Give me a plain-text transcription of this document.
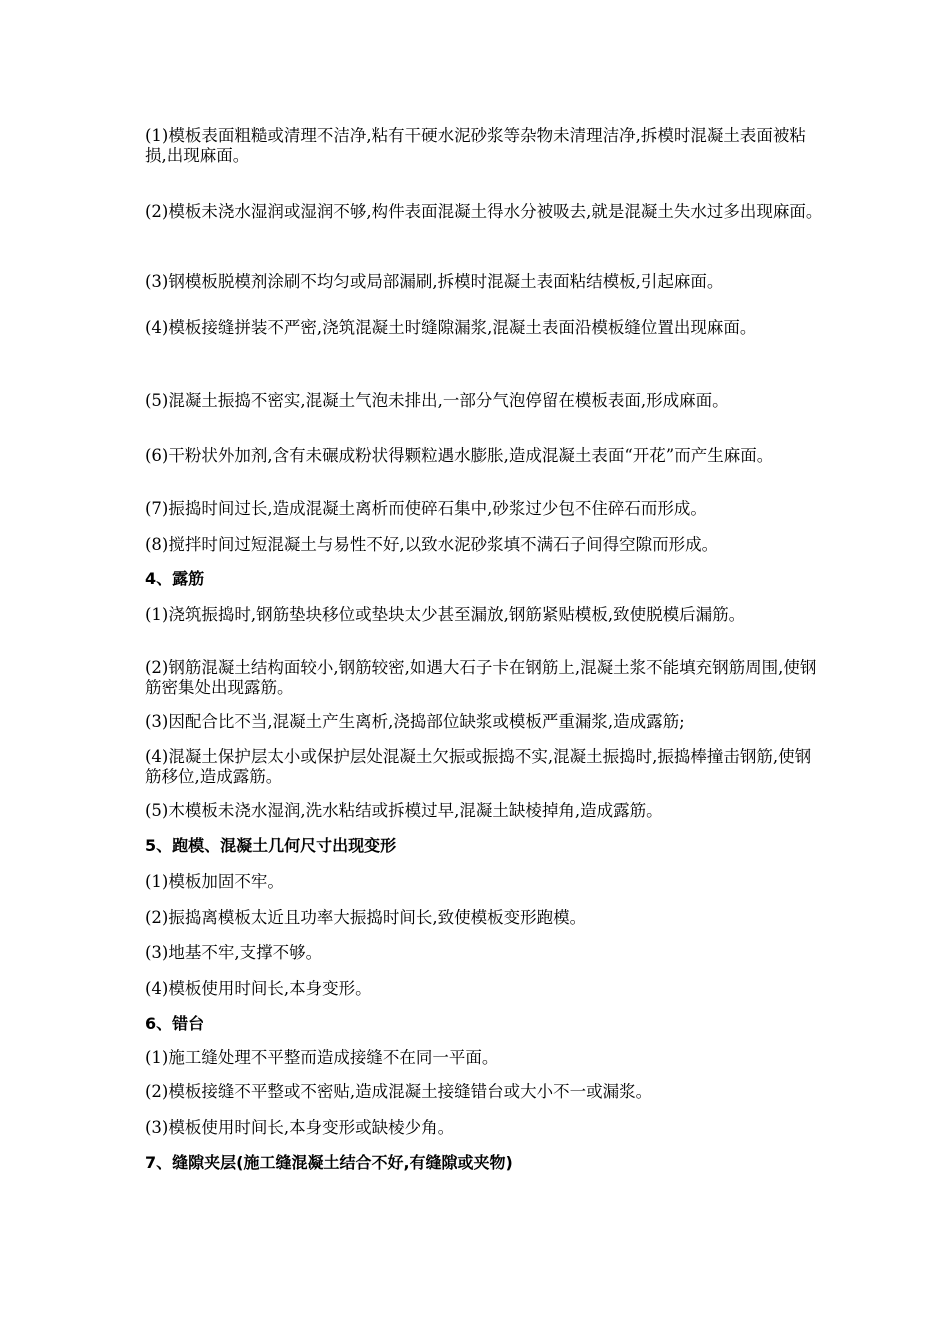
(1)模板表面粗糙或清理不洁净,粘有干硬水泥砂浆等杂物未清理洁净,拆模时混凝土表面被粘损,出现麻面。
(2)模板未浇水湿润或湿润不够,构件表面混凝土得水分被吸去,就是混凝土失水过多出现麻面。
(3)钢模板脱模剂涂刷不均匀或局部漏刷,拆模时混凝土表面粘结模板,引起麻面。
(4)模板接缝拼装不严密,浇筑混凝土时缝隙漏浆,混凝土表面沿模板缝位置出现麻面。
(5)混凝土振捣不密实,混凝土气泡未排出,一部分气泡停留在模板表面,形成麻面。
(6)干粉状外加剂,含有未碾成粉状得颗粒遇水膨胀,造成混凝土表面“开花”而产生麻面。
(7)振捣时间过长,造成混凝土离析而使碎石集中,砂浆过少包不住碎石而形成。
(8)搅拌时间过短混凝土与易性不好,以致水泥砂浆填不满石子间得空隙而形成。
4、露筋
(1)浇筑振捣时,钢筋垫块移位或垫块太少甚至漏放,钢筋紧贴模板,致使脱模后漏筋。
(2)钢筋混凝土结构面较小,钢筋较密,如遇大石子卡在钢筋上,混凝土浆不能填充钢筋周围,使钢筋密集处出现露筋。
(3)因配合比不当,混凝土产生离析,浇捣部位缺浆或模板严重漏浆,造成露筋;
(4)混凝土保护层太小或保护层处混凝土欠振或振捣不实,混凝土振捣时,振捣棒撞击钢筋,使钢筋移位,造成露筋。
(5)木模板未浇水湿润,洗水粘结或拆模过早,混凝土缺棱掉角,造成露筋。
5、跑模、混凝土几何尺寸出现变形
(1)模板加固不牢。
(2)振捣离模板太近且功率大振捣时间长,致使模板变形跑模。
(3)地基不牢,支撑不够。
(4)模板使用时间长,本身变形。
6、错台
(1)施工缝处理不平整而造成接缝不在同一平面。
(2)模板接缝不平整或不密贴,造成混凝土接缝错台或大小不一或漏浆。
(3)模板使用时间长,本身变形或缺棱少角。
7、缝隙夹层(施工缝混凝土结合不好,有缝隙或夹物)
